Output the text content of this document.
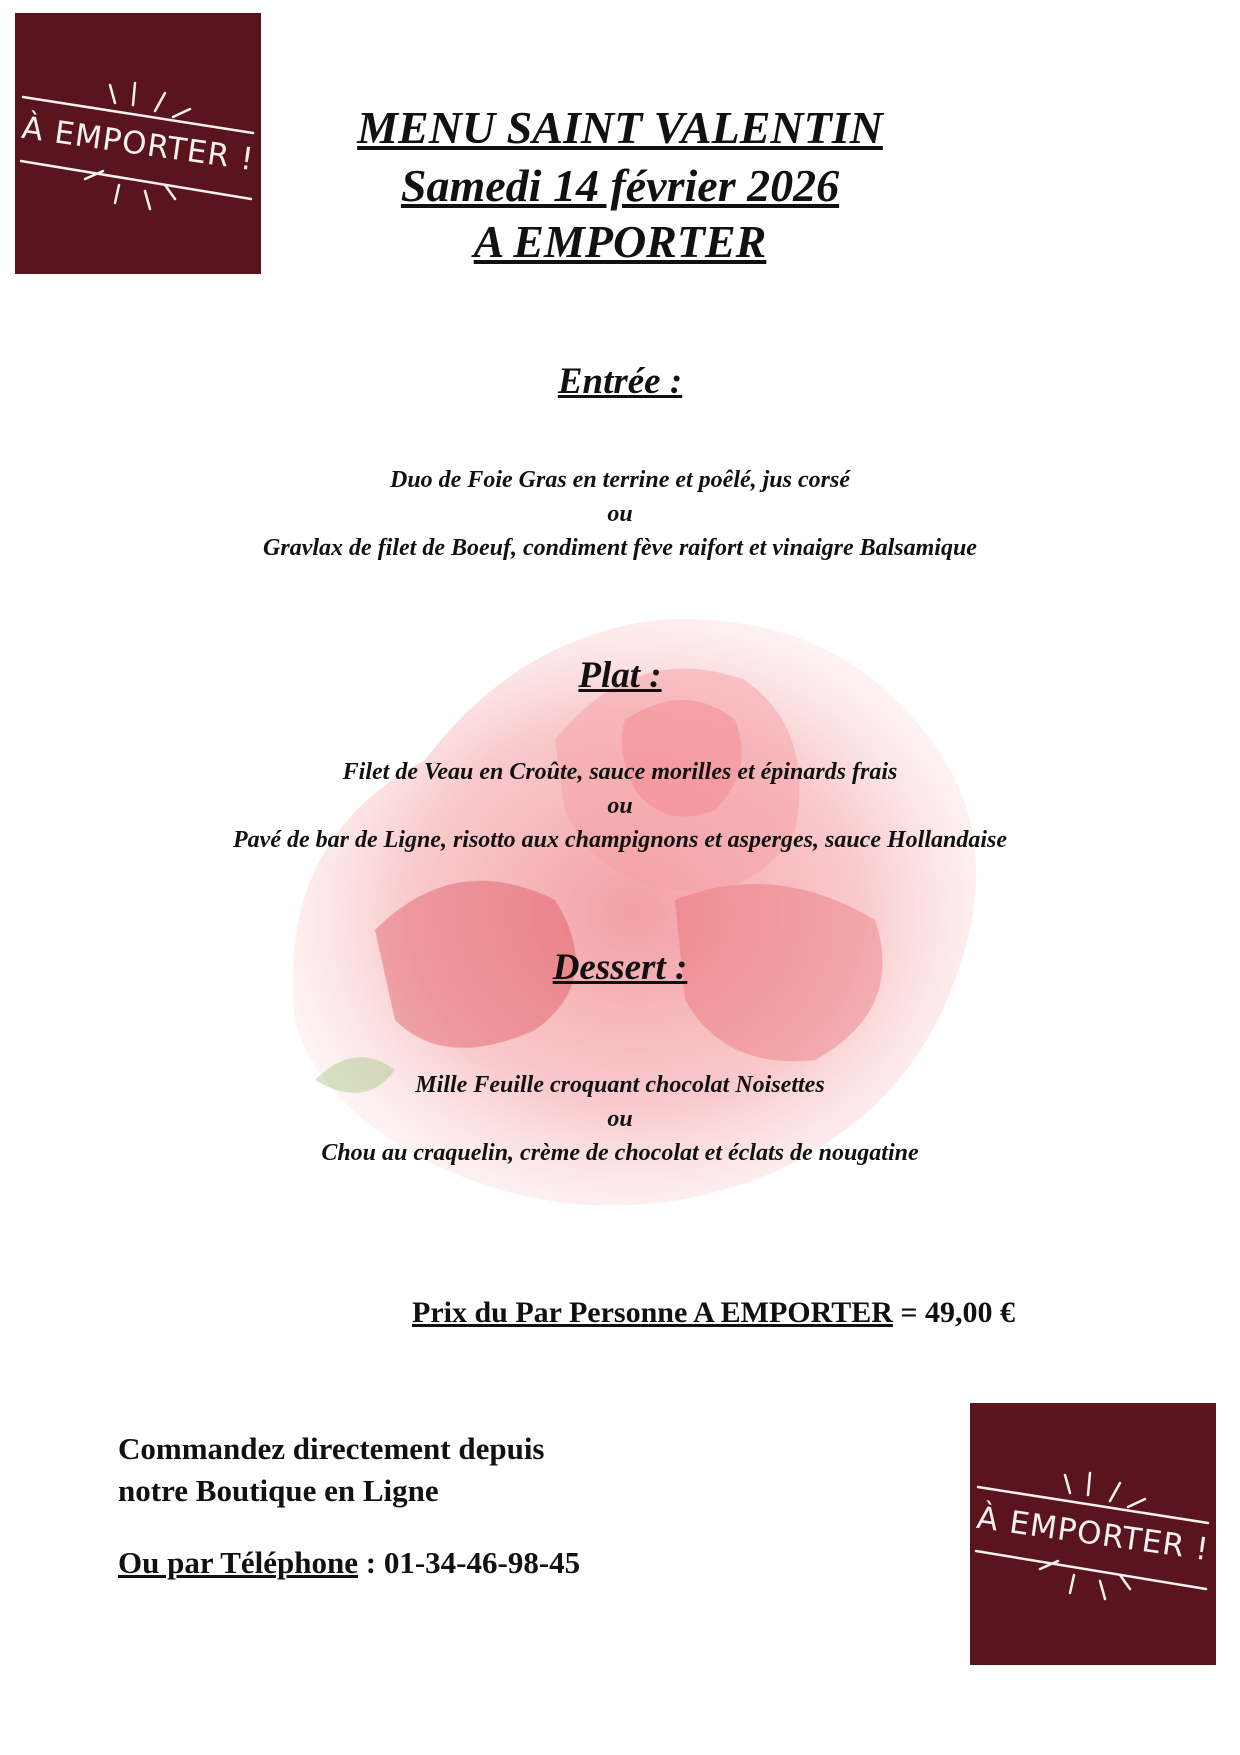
À EMPORTER !
À EMPORTER !
MENU SAINT VALENTIN
Samedi 14 février 2026
A EMPORTER
Entrée :
Duo de Foie Gras en terrine et poêlé, jus corsé
ou
Gravlax de filet de Boeuf, condiment fève raifort et vinaigre Balsamique
Plat :
Filet de Veau en Croûte, sauce morilles et épinards frais
ou
Pavé de bar de Ligne, risotto aux champignons et asperges, sauce Hollandaise
Dessert :
Mille Feuille croquant chocolat Noisettes
ou
Chou au craquelin, crème de chocolat et éclats de nougatine
Prix du Par Personne A EMPORTER = 49,00 €
Commandez directement depuis
notre Boutique en Ligne
Ou par Téléphone : 01-34-46-98-45
